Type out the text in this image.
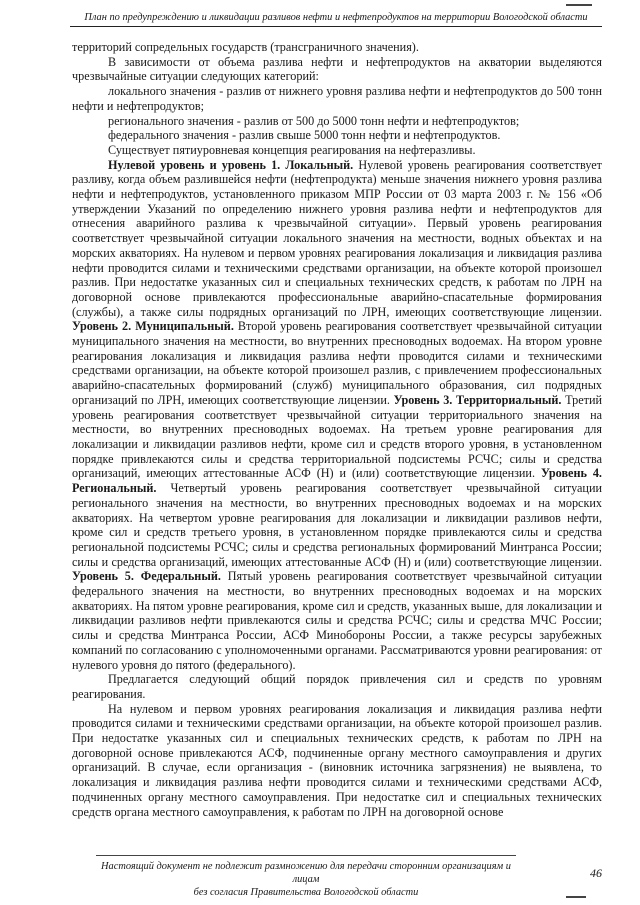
План по предупреждению и ликвидации разливов нефти и нефтепродуктов на территории Вологодской области

территорий сопредельных государств (трансграничного значения).

В зависимости от объема разлива нефти и нефтепродуктов на акватории выделяются чрезвычайные ситуации следующих категорий:

локального значения - разлив от нижнего уровня разлива нефти и нефтепродуктов до 500 тонн нефти и нефтепродуктов;

регионального значения - разлив от 500 до 5000 тонн нефти и нефтепродуктов;

федерального значения - разлив свыше 5000 тонн нефти и нефтепродуктов.

Существует пятиуровневая концепция реагирования на нефтеразливы.

Нулевой уровень и уровень 1. Локальный. Нулевой уровень реагирования соответствует разливу, когда объем разлившейся нефти (нефтепродукта) меньше значения нижнего уровня разлива нефти и нефтепродуктов, установленного приказом МПР России от 03 марта 2003 г. № 156 «Об утверждении Указаний по определению нижнего уровня разлива нефти и нефтепродуктов для отнесения аварийного разлива к чрезвычайной ситуации». Первый уровень реагирования соответствует чрезвычайной ситуации локального значения на местности, водных объектах и на морских акваториях. На нулевом и первом уровнях реагирования локализация и ликвидация разлива нефти проводится силами и техническими средствами организации, на объекте которой произошел разлив. При недостатке указанных сил и специальных технических средств, к работам по ЛРН на договорной основе привлекаются профессиональные аварийно-спасательные формирования (службы), а также силы подрядных организаций по ЛРН, имеющих соответствующие лицензии. Уровень 2. Муниципальный. Второй уровень реагирования соответствует чрезвычайной ситуации муниципального значения на местности, во внутренних пресноводных водоемах. На втором уровне реагирования локализация и ликвидация разлива нефти проводится силами и техническими средствами организации, на объекте которой произошел разлив, с привлечением профессиональных аварийно-спасательных формирований (служб) муниципального образования, сил подрядных организаций по ЛРН, имеющих соответствующие лицензии. Уровень 3. Территориальный. Третий уровень реагирования соответствует чрезвычайной ситуации территориального значения на местности, во внутренних пресноводных водоемах. На третьем уровне реагирования для локализации и ликвидации разливов нефти, кроме сил и средств второго уровня, в установленном порядке привлекаются силы и средства территориальной подсистемы РСЧС; силы и средства организаций, имеющих аттестованные АСФ (Н) и (или) соответствующие лицензии. Уровень 4. Региональный. Четвертый уровень реагирования соответствует чрезвычайной ситуации регионального значения на местности, во внутренних пресноводных водоемах и на морских акваториях. На четвертом уровне реагирования для локализации и ликвидации разливов нефти, кроме сил и средств третьего уровня, в установленном порядке привлекаются силы и средства региональной подсистемы РСЧС; силы и средства региональных формирований Минтранса России; силы и средства организаций, имеющих аттестованные АСФ (Н) и (или) соответствующие лицензии. Уровень 5. Федеральный. Пятый уровень реагирования соответствует чрезвычайной ситуации федерального значения на местности, во внутренних пресноводных водоемах и на морских акваториях. На пятом уровне реагирования, кроме сил и средств, указанных выше, для локализации и ликвидации разливов нефти привлекаются силы и средства РСЧС; силы и средства МЧС России; силы и средства Минтранса России, АСФ Минобороны России, а также ресурсы зарубежных компаний по согласованию с уполномоченными органами. Рассматриваются уровни реагирования: от нулевого уровня до пятого (федерального).

Предлагается следующий общий порядок привлечения сил и средств по уровням реагирования.

На нулевом и первом уровнях реагирования локализация и ликвидация разлива нефти проводится силами и техническими средствами организации, на объекте которой произошел разлив. При недостатке указанных сил и специальных технических средств, к работам по ЛРН на договорной основе привлекаются АСФ, подчиненные органу местного самоуправления и других организаций. В случае, если организация - (виновник источника загрязнения) не выявлена, то локализация и ликвидация разлива нефти проводится силами и техническими средствами АСФ, подчиненных органу местного самоуправления. При недостатке сил и специальных технических средств органа местного самоуправления, к работам по ЛРН на договорной основе

Настоящий документ не подлежит размножению для передачи сторонним организациям и лицам
без согласия Правительства Вологодской области
46
